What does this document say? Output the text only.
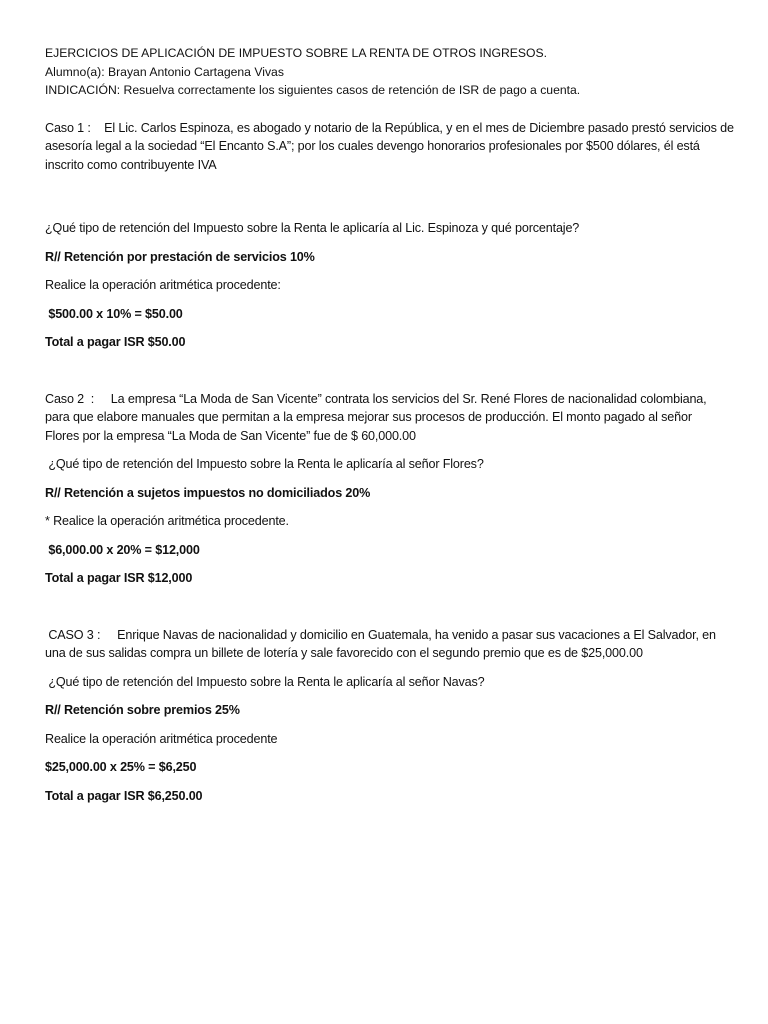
EJERCICIOS DE APLICACIÓN DE IMPUESTO SOBRE LA RENTA DE OTROS INGRESOS.
Alumno(a): Brayan Antonio Cartagena Vivas
INDICACIÓN: Resuelva correctamente los siguientes casos de retención de ISR de pago a cuenta.
Caso 1 :    El Lic. Carlos Espinoza, es abogado y notario de la República, y en el mes de Diciembre pasado prestó servicios de
asesoría legal a la sociedad “El Encanto S.A”; por los cuales devengo honorarios profesionales por $500 dólares, él está
inscrito como contribuyente IVA
¿Qué tipo de retención del Impuesto sobre la Renta le aplicaría al Lic. Espinoza y qué porcentaje?
R// Retención por prestación de servicios 10%
Realice la operación aritmética procedente:
$500.00 x 10% = $50.00
Total a pagar ISR $50.00
Caso 2  :     La empresa “La Moda de San Vicente” contrata los servicios del Sr. René Flores de nacionalidad colombiana,
para que elabore manuales que permitan a la empresa mejorar sus procesos de producción. El monto pagado al señor
Flores por la empresa “La Moda de San Vicente” fue de $ 60,000.00
¿Qué tipo de retención del Impuesto sobre la Renta le aplicaría al señor Flores?
R// Retención a sujetos impuestos no domiciliados 20%
* Realice la operación aritmética procedente.
$6,000.00 x 20% = $12,000
Total a pagar ISR $12,000
CASO 3 :     Enrique Navas de nacionalidad y domicilio en Guatemala, ha venido a pasar sus vacaciones a El Salvador, en
una de sus salidas compra un billete de lotería y sale favorecido con el segundo premio que es de $25,000.00
¿Qué tipo de retención del Impuesto sobre la Renta le aplicaría al señor Navas?
R// Retención sobre premios 25%
Realice la operación aritmética procedente
$25,000.00 x 25% = $6,250
Total a pagar ISR $6,250.00
